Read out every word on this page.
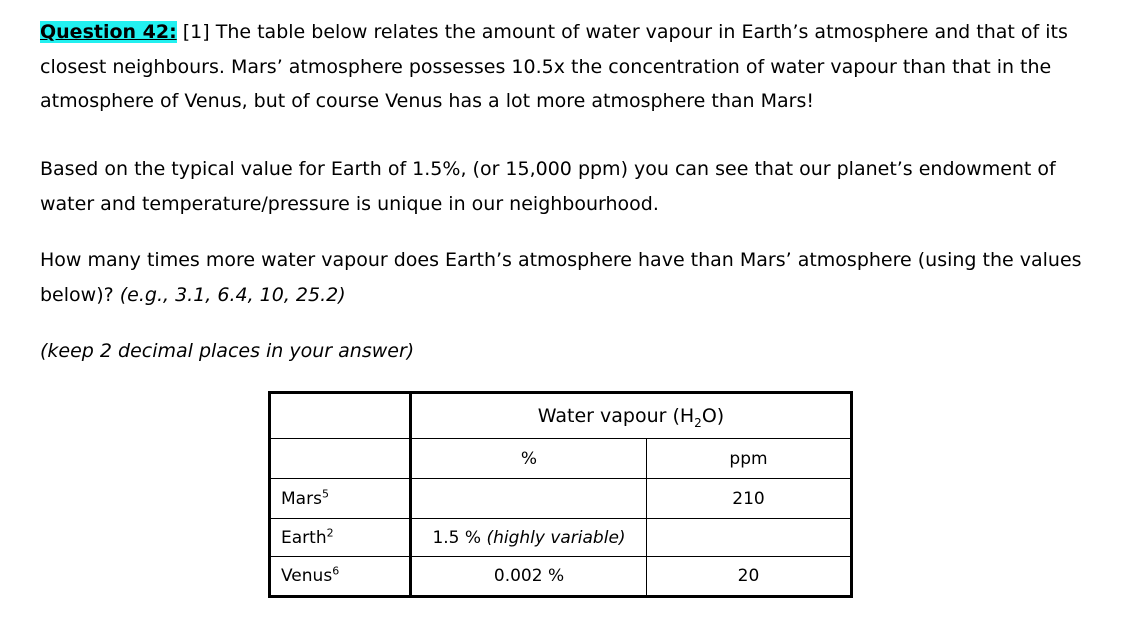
Question 42: [1] The table below relates the amount of water vapour in Earth’s atmosphere and that of its closest neighbours. Mars’ atmosphere possesses 10.5x the concentration of water vapour than that in the atmosphere of Venus, but of course Venus has a lot more atmosphere than Mars!

Based on the typical value for Earth of 1.5%, (or 15,000 ppm) you can see that our planet’s endowment of water and temperature/pressure is unique in our neighbourhood.

How many times more water vapour does Earth’s atmosphere have than Mars’ atmosphere (using the values below)? (e.g., 3.1, 6.4, 10, 25.2)

(keep 2 decimal places in your answer)

	Water vapour $(H_2O)$	
	%	ppm
Mars$^5$		210
Earth$^2$	1.5 % (highly variable)	
Venus$^6$	0.002 %	20
